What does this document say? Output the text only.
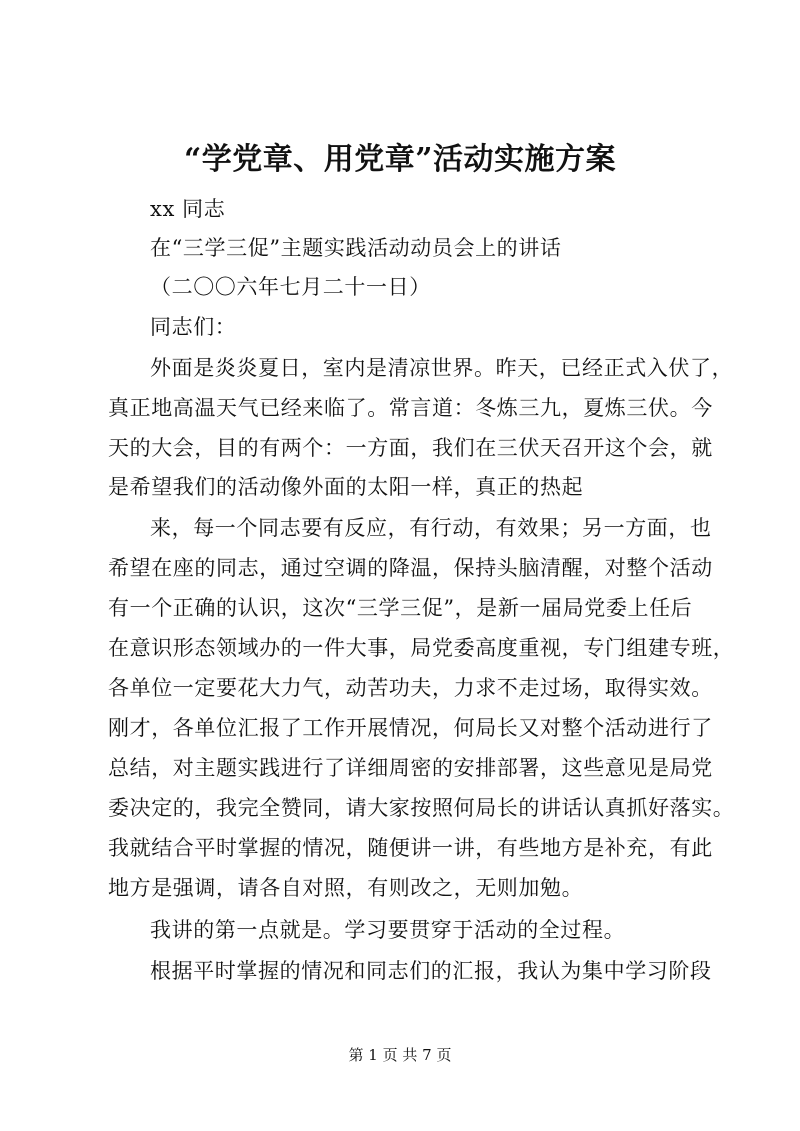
“学党章、用党章”活动实施方案
xx 同志
在“三学三促”主题实践活动动员会上的讲话
（二〇〇六年七月二十一日）
同志们：
外面是炎炎夏日，室内是清凉世界。昨天，已经正式入伏了，
真正地高温天气已经来临了。常言道：冬炼三九，夏炼三伏。今
天的大会，目的有两个：一方面，我们在三伏天召开这个会，就
是希望我们的活动像外面的太阳一样，真正的热起
来，每一个同志要有反应，有行动，有效果；另一方面，也
希望在座的同志，通过空调的降温，保持头脑清醒，对整个活动
有一个正确的认识，这次“三学三促”，是新一届局党委上任后
在意识形态领域办的一件大事，局党委高度重视，专门组建专班，
各单位一定要花大力气，动苦功夫，力求不走过场，取得实效。
刚才，各单位汇报了工作开展情况，何局长又对整个活动进行了
总结，对主题实践进行了详细周密的安排部署，这些意见是局党
委决定的，我完全赞同，请大家按照何局长的讲话认真抓好落实。
我就结合平时掌握的情况，随便讲一讲，有些地方是补充，有此
地方是强调，请各自对照，有则改之，无则加勉。
我讲的第一点就是。学习要贯穿于活动的全过程。
根据平时掌握的情况和同志们的汇报，我认为集中学习阶段
第 1 页 共 7 页
